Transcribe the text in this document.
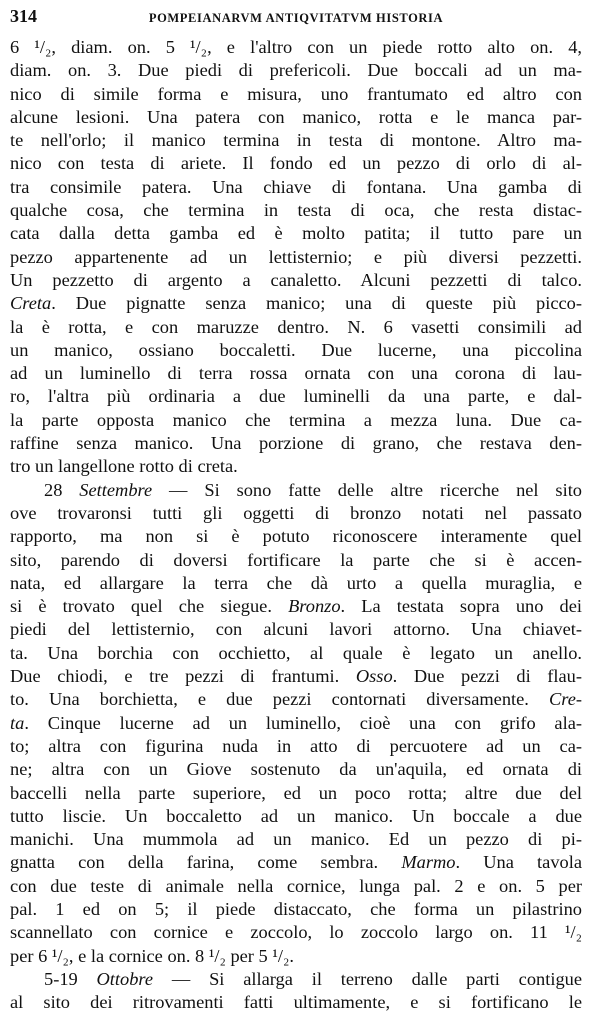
314	POMPEIANARVM ANTIQVITATVM HISTORIA
6 ¹/₂, diam. on. 5 ¹/₂, e l'altro con un piede rotto alto on. 4,
diam. on. 3. Due piedi di prefericoli. Due boccali ad un ma-
nico di simile forma e misura, uno frantumato ed altro con
alcune lesioni. Una patera con manico, rotta e le manca par-
te nell'orlo; il manico termina in testa di montone. Altro ma-
nico con testa di ariete. Il fondo ed un pezzo di orlo di al-
tra consimile patera. Una chiave di fontana. Una gamba di
qualche cosa, che termina in testa di oca, che resta distac-
cata dalla detta gamba ed è molto patita; il tutto pare un
pezzo appartenente ad un lettisternio; e più diversi pezzetti.
Un pezzetto di argento a canaletto. Alcuni pezzetti di talco.
Creta. Due pignatte senza manico; una di queste più picco-
la è rotta, e con maruzze dentro. N. 6 vasetti consimili ad
un manico, ossiano boccaletti. Due lucerne, una piccolina
ad un luminello di terra rossa ornata con una corona di lau-
ro, l'altra più ordinaria a due luminelli da una parte, e dal-
la parte opposta manico che termina a mezza luna. Due ca-
raffine senza manico. Una porzione di grano, che restava den-
tro un langellone rotto di creta.
28 Settembre — Si sono fatte delle altre ricerche nel sito
ove trovaronsi tutti gli oggetti di bronzo notati nel passato
rapporto, ma non si è potuto riconoscere interamente quel
sito, parendo di doversi fortificare la parte che si è accen-
nata, ed allargare la terra che dà urto a quella muraglia, e
si è trovato quel che siegue. Bronzo. La testata sopra uno dei
piedi del lettisternio, con alcuni lavori attorno. Una chiavet-
ta. Una borchia con occhietto, al quale è legato un anello.
Due chiodi, e tre pezzi di frantumi. Osso. Due pezzi di flau-
to. Una borchietta, e due pezzi contornati diversamente. Cre-
ta. Cinque lucerne ad un luminello, cioè una con grifo ala-
to; altra con figurina nuda in atto di percuotere ad un ca-
ne; altra con un Giove sostenuto da un'aquila, ed ornata di
baccelli nella parte superiore, ed un poco rotta; altre due del
tutto liscie. Un boccaletto ad un manico. Un boccale a due
manichi. Una mummola ad un manico. Ed un pezzo di pi-
gnatta con della farina, come sembra. Marmo. Una tavola
con due teste di animale nella cornice, lunga pal. 2 e on. 5 per
pal. 1 ed on 5; il piede distaccato, che forma un pilastrino
scannellato con cornice e zoccolo, lo zoccolo largo on. 11 ¹/₂
per 6 ¹/₂, e la cornice on. 8 ¹/₂ per 5 ¹/₂.
5-19 Ottobre — Si allarga il terreno dalle parti contigue
al sito dei ritrovamenti fatti ultimamente, e si fortificano le
